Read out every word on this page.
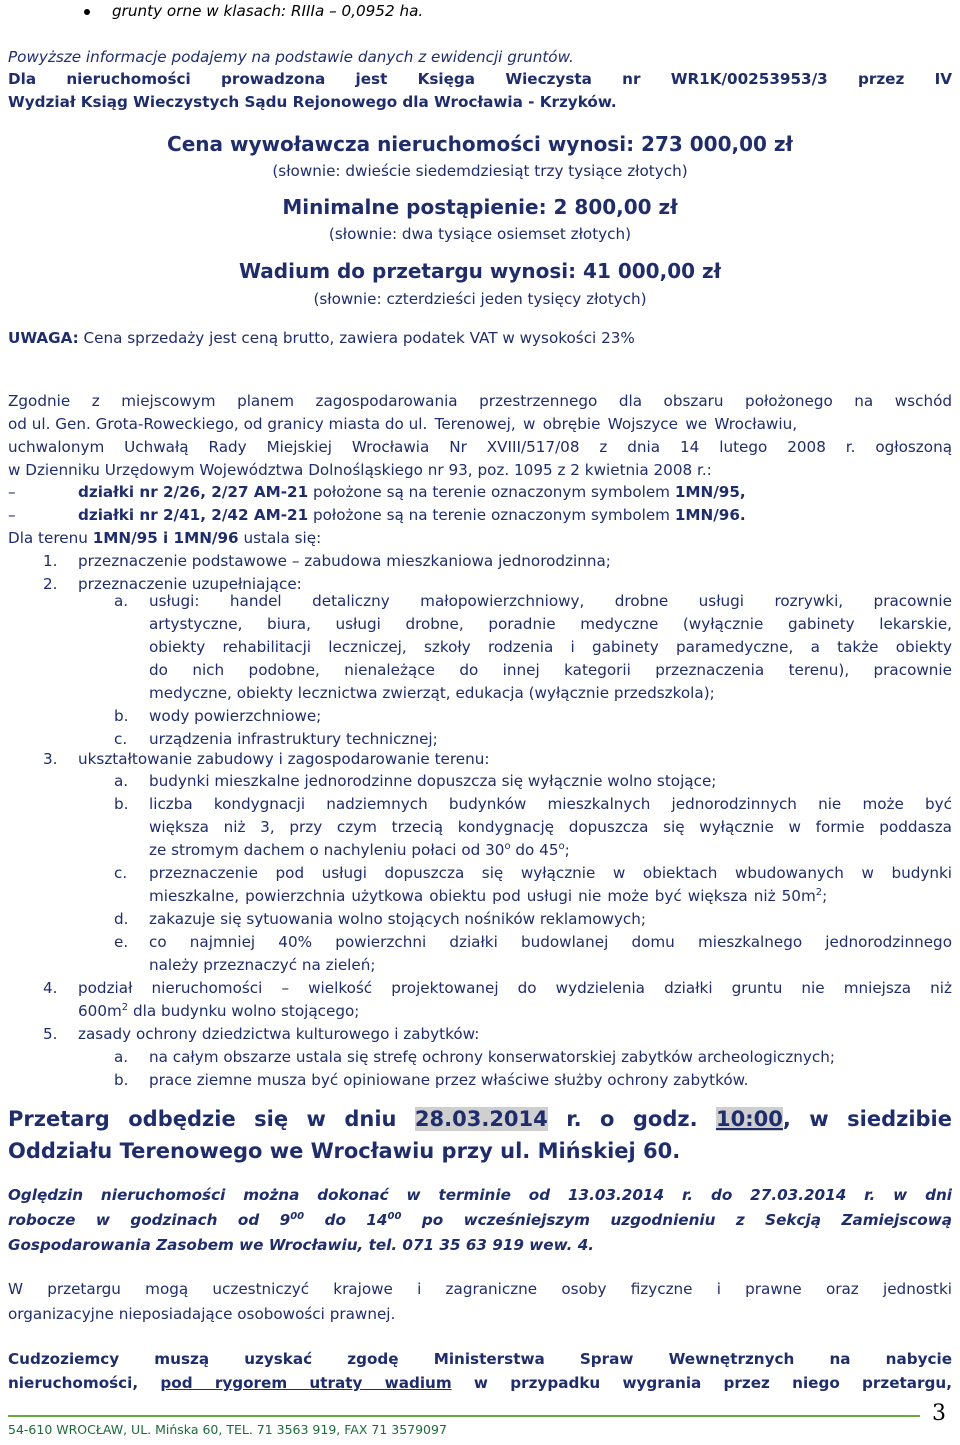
grunty orne w klasach: RIIIa – 0,0952 ha.
Powyższe informacje podajemy na podstawie danych z ewidencji gruntów.
Dla nieruchomości prowadzona jest Księga Wieczysta nr WR1K/00253953/3 przez IV
Wydział Ksiąg Wieczystych Sądu Rejonowego dla Wrocławia - Krzyków.
Cena wywoławcza nieruchomości wynosi: 273 000,00 zł
(słownie: dwieście siedemdziesiąt trzy tysiące złotych)
Minimalne postąpienie: 2 800,00 zł
(słownie: dwa tysiące osiemset złotych)
Wadium do przetargu wynosi: 41 000,00 zł
(słownie: czterdzieści jeden tysięcy złotych)
UWAGA: Cena sprzedaży jest ceną brutto, zawiera podatek VAT w wysokości 23%
Zgodnie z miejscowym planem zagospodarowania przestrzennego dla obszaru położonego na wschód
od ul. Gen. Grota-Roweckiego, od granicy miasta do ul. Terenowej, w obrębie Wojszyce we Wrocławiu,
uchwalonym Uchwałą Rady Miejskiej Wrocławia Nr XVIII/517/08 z dnia 14 lutego 2008 r. ogłoszoną
w Dzienniku Urzędowym Województwa Dolnośląskiego nr 93, poz. 1095 z 2 kwietnia 2008 r.:
–	działki nr 2/26, 2/27 AM-21 położone są na terenie oznaczonym symbolem 1MN/95,
–	działki nr 2/41, 2/42 AM-21 położone są na terenie oznaczonym symbolem 1MN/96.
Dla terenu 1MN/95 i 1MN/96 ustala się:
1. przeznaczenie podstawowe – zabudowa mieszkaniowa jednorodzinna;
2. przeznaczenie uzupełniające:
a. usługi: handel detaliczny małopowierzchniowy, drobne usługi rozrywki, pracownie
artystyczne, biura, usługi drobne, poradnie medyczne (wyłącznie gabinety lekarskie,
obiekty rehabilitacji leczniczej, szkoły rodzenia i gabinety paramedyczne, a także obiekty
do nich podobne, nienależące do innej kategorii przeznaczenia terenu), pracownie
medyczne, obiekty lecznictwa zwierząt, edukacja (wyłącznie przedszkola);
b. wody powierzchniowe;
c. urządzenia infrastruktury technicznej;
3. ukształtowanie zabudowy i zagospodarowanie terenu:
a. budynki mieszkalne jednorodzinne dopuszcza się wyłącznie wolno stojące;
b. liczba kondygnacji nadziemnych budynków mieszkalnych jednorodzinnych nie może być
większa niż 3, przy czym trzecią kondygnację dopuszcza się wyłącznie w formie poddasza
ze stromym dachem o nachyleniu połaci od 30$^o$ do 45$^o$;
c. przeznaczenie pod usługi dopuszcza się wyłącznie w obiektach wbudowanych w budynki
mieszkalne, powierzchnia użytkowa obiektu pod usługi nie może być większa niż $50m^2$;
d. zakazuje się sytuowania wolno stojących nośników reklamowych;
e. co najmniej 40% powierzchni działki budowlanej domu mieszkalnego jednorodzinnego
należy przeznaczyć na zieleń;
4. podział nieruchomości – wielkość projektowanej do wydzielenia działki gruntu nie mniejsza niż
$600m^2$ dla budynku wolno stojącego;
5. zasady ochrony dziedzictwa kulturowego i zabytków:
a. na całym obszarze ustala się strefę ochrony konserwatorskiej zabytków archeologicznych;
b. prace ziemne musza być opiniowane przez właściwe służby ochrony zabytków.
Przetarg odbędzie się w dniu 28.03.2014 r. o godz. 10:00, w siedzibie
Oddziału Terenowego we Wrocławiu przy ul. Mińskiej 60.
Oględzin nieruchomości można dokonać w terminie od 13.03.2014 r. do 27.03.2014 r. w dni
robocze w godzinach od $9^{00}$ do $14^{00}$ po wcześniejszym uzgodnieniu z Sekcją Zamiejscową
Gospodarowania Zasobem we Wrocławiu, tel. 071 35 63 919 wew. 4.
W przetargu mogą uczestniczyć krajowe i zagraniczne osoby fizyczne i prawne oraz jednostki
organizacyjne nieposiadające osobowości prawnej.
Cudzoziemcy muszą uzyskać zgodę Ministerstwa Spraw Wewnętrznych na nabycie
nieruchomości, pod rygorem utraty wadium w przypadku wygrania przez niego przetargu,
54-610 WROCŁAW, UL. Mińska 60, TEL. 71 3563 919, FAX 71 3579097
3
